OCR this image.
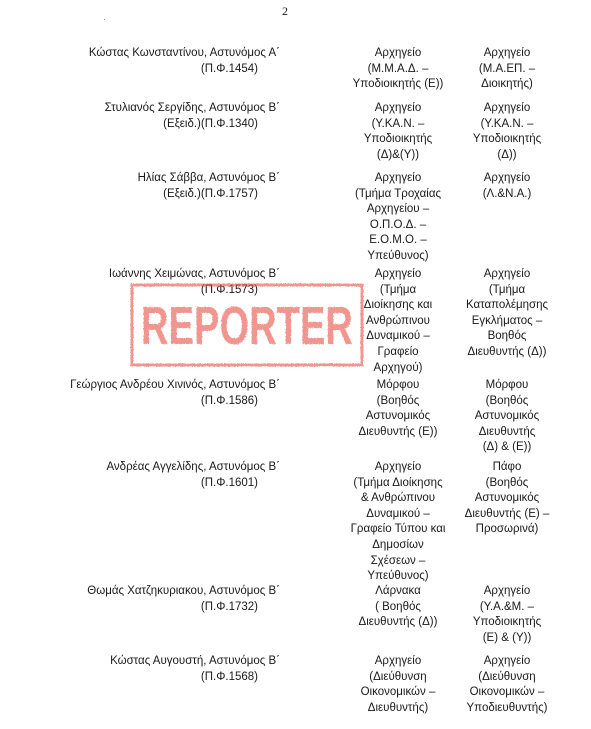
2
Κώστας Κωνσταντίνου, Αστυνόμος Α΄
(Π.Φ.1454)
Αρχηγείο
(Μ.Μ.Α.Δ. –
Υποδιοικητής (Ε))
Αρχηγείο
(Μ.Α.ΕΠ. –
Διοικητής)
Στυλιανός Σεργίδης, Αστυνόμος Β΄
(Εξειδ.)(Π.Φ.1340)
Αρχηγείο
(Υ.ΚΑ.Ν. –
Υποδιοικητής
(Δ)&(Υ))
Αρχηγείο
(Υ.ΚΑ.Ν. –
Υποδιοικητής
(Δ))
Ηλίας Σάββα, Αστυνόμος Β΄
(Εξειδ.)(Π.Φ.1757)
Αρχηγείο
(Τμήμα Τροχαίας
Αρχηγείου –
Ο.Π.Ο.Δ. –
Ε.Ο.Μ.Ο. –
Υπεύθυνος)
Αρχηγείο
(Λ.&Ν.Α.)
Ιωάννης Χειμώνας, Αστυνόμος Β΄
(Π.Φ.1573)
Αρχηγείο
(Τμήμα
Διοίκησης και
Ανθρώπινου
Δυναμικού –
Γραφείο
Αρχηγού)
Αρχηγείο
(Τμήμα
Καταπολέμησης
Εγκλήματος –
Βοηθός
Διευθυντής (Δ))
Γεώργιος Ανδρέου Χινινός, Αστυνόμος Β΄
(Π.Φ.1586)
Μόρφου
(Βοηθός
Αστυνομικός
Διευθυντής (Ε))
Μόρφου
(Βοηθός
Αστυνομικός
Διευθυντής
(Δ) & (Ε))
Ανδρέας Αγγελίδης, Αστυνόμος Β΄
(Π.Φ.1601)
Αρχηγείο
(Τμήμα Διοίκησης
& Ανθρώπινου
Δυναμικού –
Γραφείο Τύπου και
Δημοσίων
Σχέσεων –
Υπεύθυνος)
Πάφο
(Βοηθός
Αστυνομικός
Διευθυντής (Ε) –
Προσωρινά)
Θωμάς Χατζηκυριακου, Αστυνόμος Β΄
(Π.Φ.1732)
Λάρνακα
( Βοηθός
Διευθυντής (Δ))
Αρχηγείο
(Υ.Α.&Μ. –
Υποδιοικητής
(Ε) & (Υ))
Κώστας Αυγουστή, Αστυνόμος Β΄
(Π.Φ.1568)
Αρχηγείο
(Διεύθυνση
Οικονομικών –
Διευθυντής)
Αρχηγείο
(Διεύθυνση
Οικονομικών –
Υποδιευθυντής)
REPORTER
